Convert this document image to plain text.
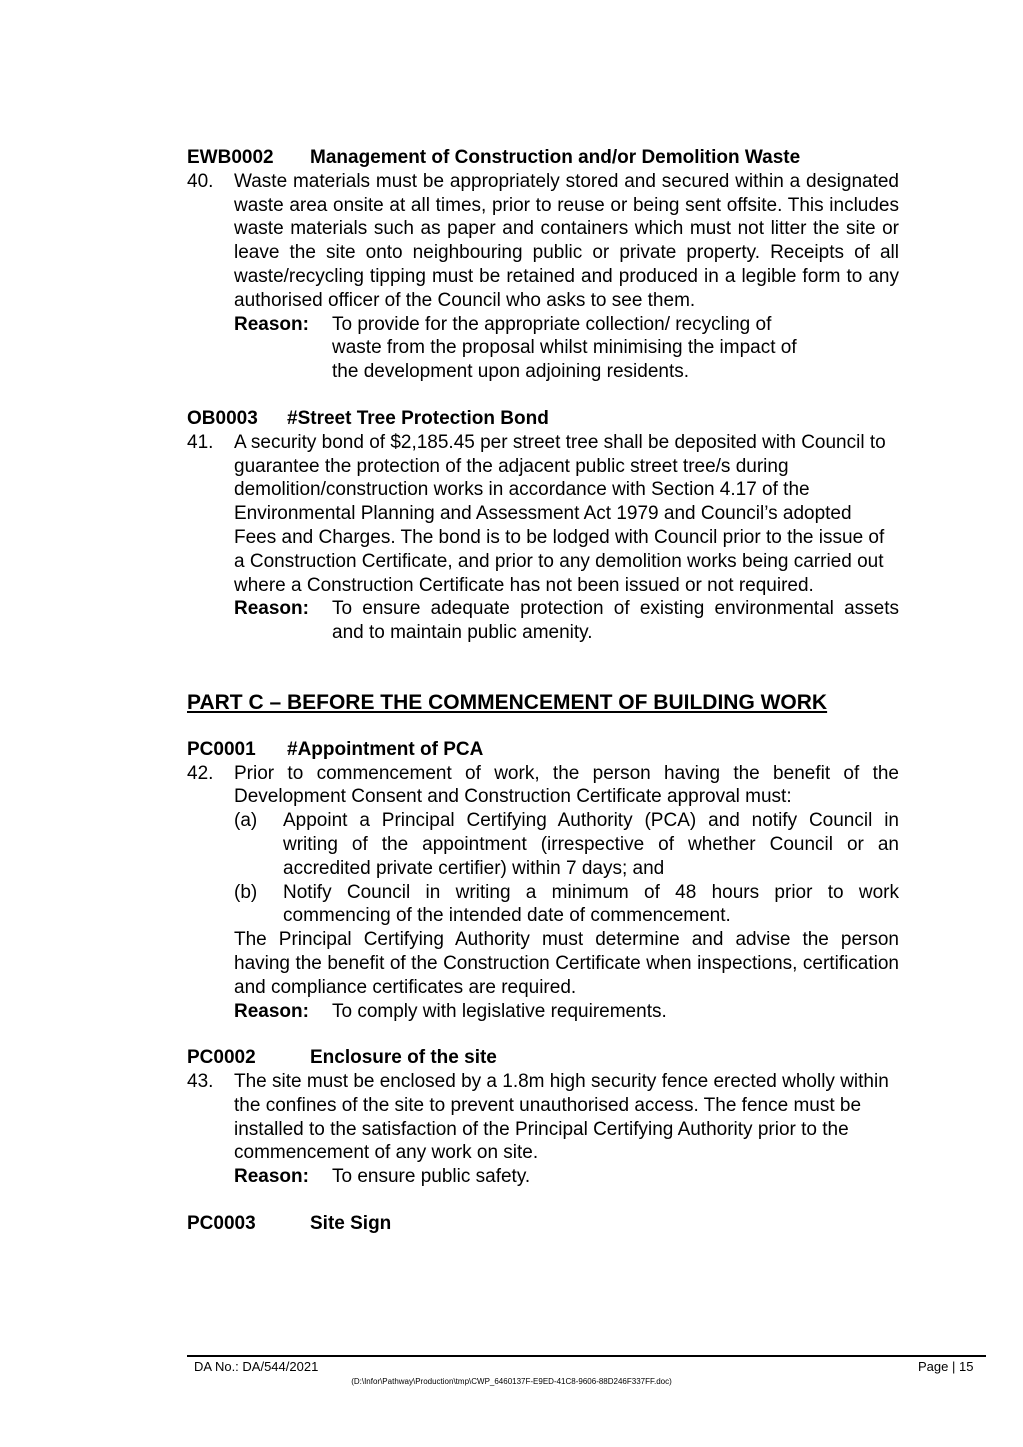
EWB0002	Management of Construction and/or Demolition Waste
40.	Waste materials must be appropriately stored and secured within a designated waste area onsite at all times, prior to reuse or being sent offsite. This includes waste materials such as paper and containers which must not litter the site or leave the site onto neighbouring public or private property. Receipts of all waste/recycling tipping must be retained and produced in a legible form to any authorised officer of the Council who asks to see them.
Reason:	To provide for the appropriate collection/ recycling of waste from the proposal whilst minimising the impact of the development upon adjoining residents.
OB0003	#Street Tree Protection Bond
41.	A security bond of $2,185.45 per street tree shall be deposited with Council to guarantee the protection of the adjacent public street tree/s during demolition/construction works in accordance with Section 4.17 of the Environmental Planning and Assessment Act 1979 and Council’s adopted Fees and Charges. The bond is to be lodged with Council prior to the issue of a Construction Certificate, and prior to any demolition works being carried out where a Construction Certificate has not been issued or not required.
Reason:	To ensure adequate protection of existing environmental assets and to maintain public amenity.
PART C – BEFORE THE COMMENCEMENT OF BUILDING WORK
PC0001	#Appointment of PCA
42.	Prior to commencement of work, the person having the benefit of the Development Consent and Construction Certificate approval must:
(a)	Appoint a Principal Certifying Authority (PCA) and notify Council in writing of the appointment (irrespective of whether Council or an accredited private certifier) within 7 days; and
(b)	Notify Council in writing a minimum of 48 hours prior to work commencing of the intended date of commencement.
The Principal Certifying Authority must determine and advise the person having the benefit of the Construction Certificate when inspections, certification and compliance certificates are required.
Reason:	To comply with legislative requirements.
PC0002	Enclosure of the site
43.	The site must be enclosed by a 1.8m high security fence erected wholly within the confines of the site to prevent unauthorised access. The fence must be installed to the satisfaction of the Principal Certifying Authority prior to the commencement of any work on site.
Reason:	To ensure public safety.
PC0003	Site Sign
DA No.: DA/544/2021	Page | 15
(D:\Infor\Pathway\Production\tmp\CWP_6460137F-E9ED-41C8-9606-88D246F337FF.doc)
